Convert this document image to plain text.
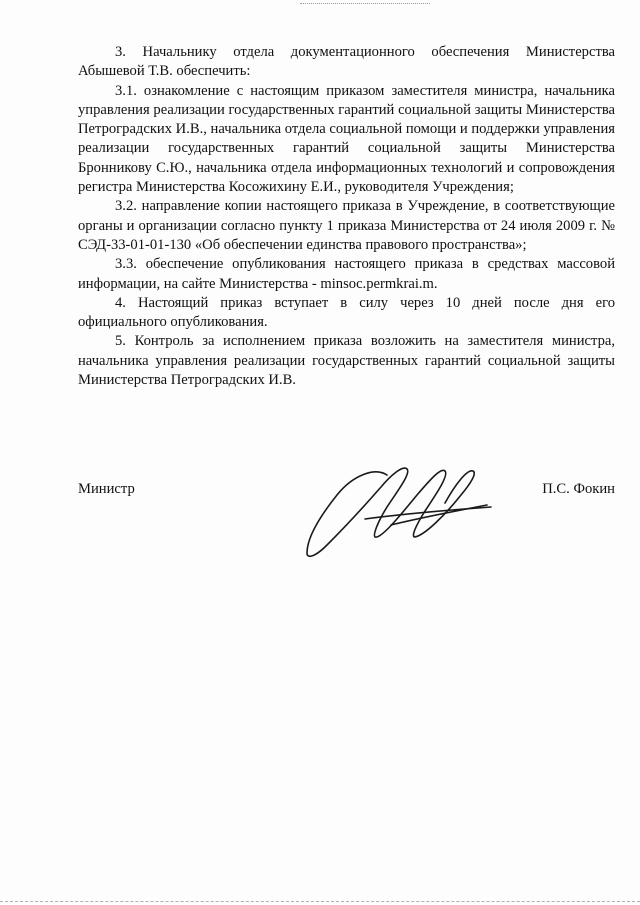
3. Начальнику отдела документационного обеспечения Министерства Абышевой Т.В. обеспечить:

3.1. ознакомление с настоящим приказом заместителя министра, начальника управления реализации государственных гарантий социальной защиты Министерства Петроградских И.В., начальника отдела социальной помощи и поддержки управления реализации государственных гарантий социальной защиты Министерства Бронникову С.Ю., начальника отдела информационных технологий и сопровождения регистра Министерства Косожихину Е.И., руководителя Учреждения;

3.2. направление копии настоящего приказа в Учреждение, в соответствующие органы и организации согласно пункту 1 приказа Министерства от 24 июля 2009 г. № СЭД-33-01-01-130 «Об обеспечении единства правового пространства»;

3.3. обеспечение опубликования настоящего приказа в средствах массовой информации, на сайте Министерства - minsoc.permkrai.m.

4. Настоящий приказ вступает в силу через 10 дней после дня его официального опубликования.

5. Контроль за исполнением приказа возложить на заместителя министра, начальника управления реализации государственных гарантий социальной защиты Министерства Петроградских И.В.

Министр	П.С. Фокин
